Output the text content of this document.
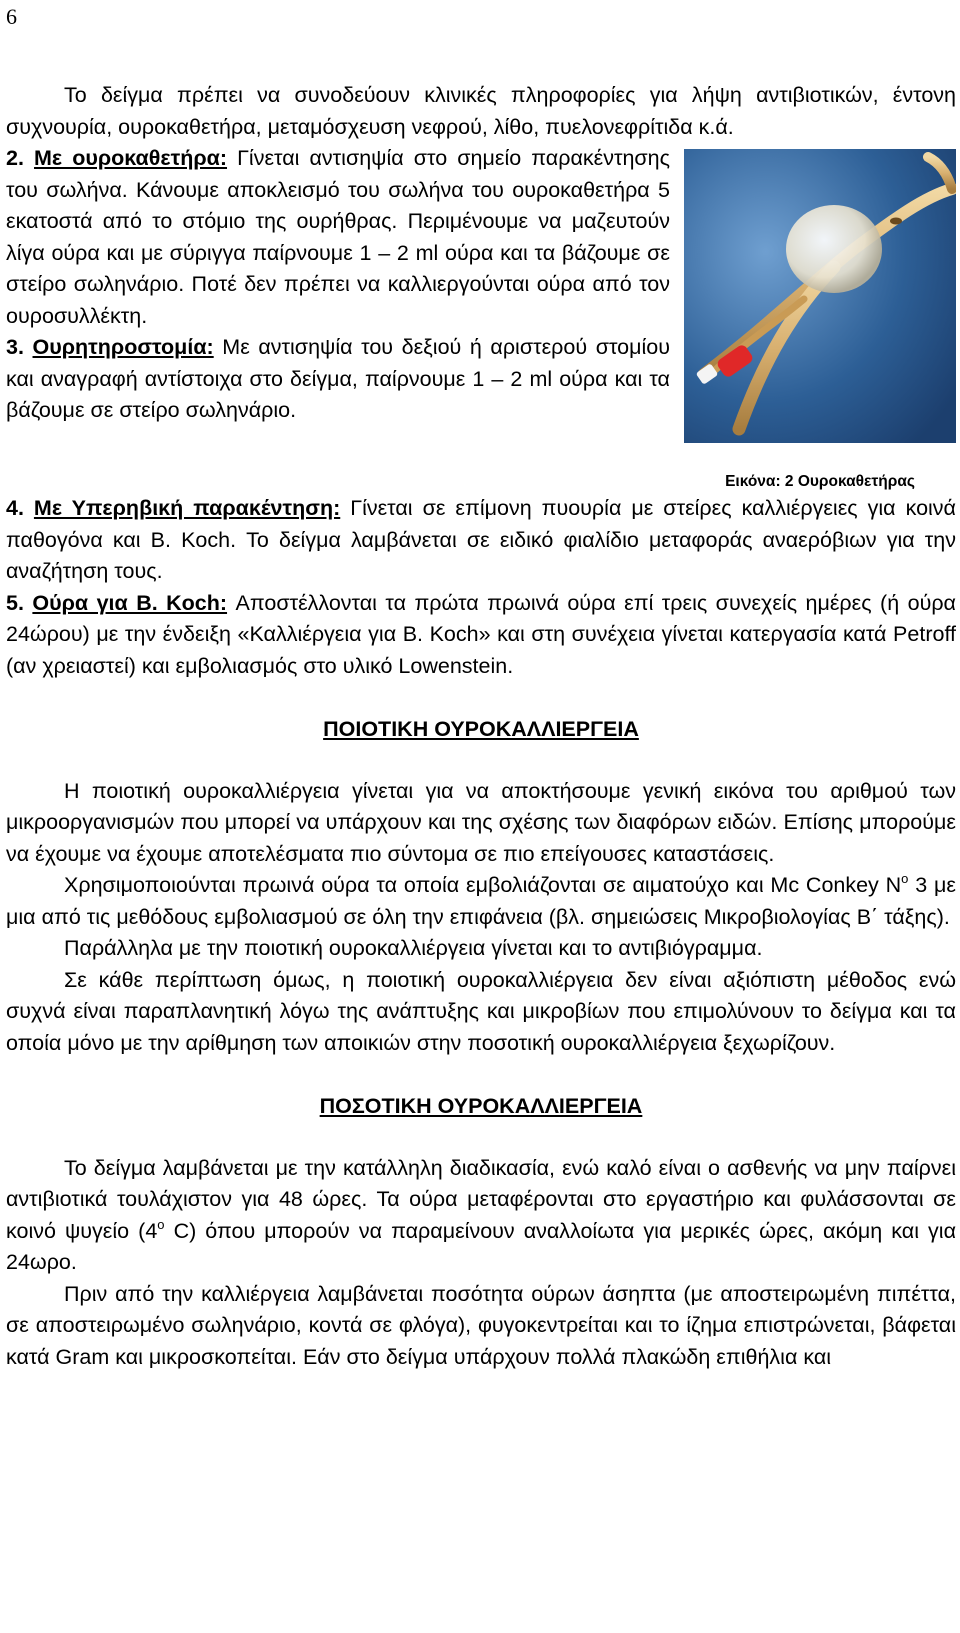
6

Το δείγμα πρέπει να συνοδεύουν κλινικές πληροφορίες για λήψη αντιβιοτικών, έντονη συχνουρία, ουροκαθετήρα, μεταμόσχευση νεφρού, λίθο, πυελονεφρίτιδα κ.ά.

Εικόνα: 2 Ουροκαθετήρας

2. Με ουροκαθετήρα: Γίνεται αντισηψία στο σημείο παρακέντησης του σωλήνα. Κάνουμε αποκλεισμό του σωλήνα του ουροκαθετήρα 5 εκατοστά από το στόμιο της ουρήθρας. Περιμένουμε να μαζευτούν λίγα ούρα και με σύριγγα παίρνουμε 1 – 2 ml ούρα και τα βάζουμε σε στείρο σωληνάριο. Ποτέ δεν πρέπει να καλλιεργούνται ούρα από τον ουροσυλλέκτη.

3. Ουρητηροστομία: Με αντισηψία του δεξιού ή αριστερού στομίου και αναγραφή αντίστοιχα στο δείγμα, παίρνουμε 1 – 2 ml ούρα και τα βάζουμε σε στείρο σωληνάριο.

4. Με Υπερηβική παρακέντηση: Γίνεται σε επίμονη πυουρία με στείρες καλλιέργειες για κοινά παθογόνα και Β. Koch. Το δείγμα λαμβάνεται σε ειδικό φιαλίδιο μεταφοράς αναερόβιων για την αναζήτηση τους.

5. Ούρα για Β. Koch: Αποστέλλονται τα πρώτα πρωινά ούρα επί τρεις συνεχείς ημέρες (ή ούρα 24ώρου) με την ένδειξη «Καλλιέργεια για Β. Koch» και στη συνέχεια γίνεται κατεργασία κατά Petroff (αν χρειαστεί) και εμβολιασμός στο υλικό Lowenstein.

ΠΟΙΟΤΙΚΗ ΟΥΡΟΚΑΛΛΙΕΡΓΕΙΑ

Η ποιοτική ουροκαλλιέργεια γίνεται για να αποκτήσουμε γενική εικόνα του αριθμού των μικροοργανισμών που μπορεί να υπάρχουν και της σχέσης των διαφόρων ειδών. Επίσης μπορούμε να έχουμε να έχουμε αποτελέσματα πιο σύντομα σε πιο επείγουσες καταστάσεις.

Χρησιμοποιούνται πρωινά ούρα τα οποία εμβολιάζονται σε αιματούχο και Mc Conkey $N^o$ 3 με μια από τις μεθόδους εμβολιασμού σε όλη την επιφάνεια (βλ. σημειώσεις Μικροβιολογίας Β΄ τάξης).

Παράλληλα με την ποιοτική ουροκαλλιέργεια γίνεται και το αντιβιόγραμμα.

Σε κάθε περίπτωση όμως, η ποιοτική ουροκαλλιέργεια δεν είναι αξιόπιστη μέθοδος ενώ συχνά είναι παραπλανητική λόγω της ανάπτυξης και μικροβίων που επιμολύνουν το δείγμα και τα οποία μόνο με την αρίθμηση των αποικιών στην ποσοτική ουροκαλλιέργεια ξεχωρίζουν.

ΠΟΣΟΤΙΚΗ ΟΥΡΟΚΑΛΛΙΕΡΓΕΙΑ

Το δείγμα λαμβάνεται με την κατάλληλη διαδικασία, ενώ καλό είναι ο ασθενής να μην παίρνει αντιβιοτικά τουλάχιστον για 48 ώρες. Τα ούρα μεταφέρονται στο εργαστήριο και φυλάσσονται σε κοινό ψυγείο ($4^o$ C) όπου μπορούν να παραμείνουν αναλλοίωτα για μερικές ώρες, ακόμη και για 24ωρο.

Πριν από την καλλιέργεια λαμβάνεται ποσότητα ούρων άσηπτα (με αποστειρωμένη πιπέττα, σε αποστειρωμένο σωληνάριο, κοντά σε φλόγα), φυγοκεντρείται και το ίζημα επιστρώνεται, βάφεται κατά Gram και μικροσκοπείται. Εάν στο δείγμα υπάρχουν πολλά πλακώδη επιθήλια και
